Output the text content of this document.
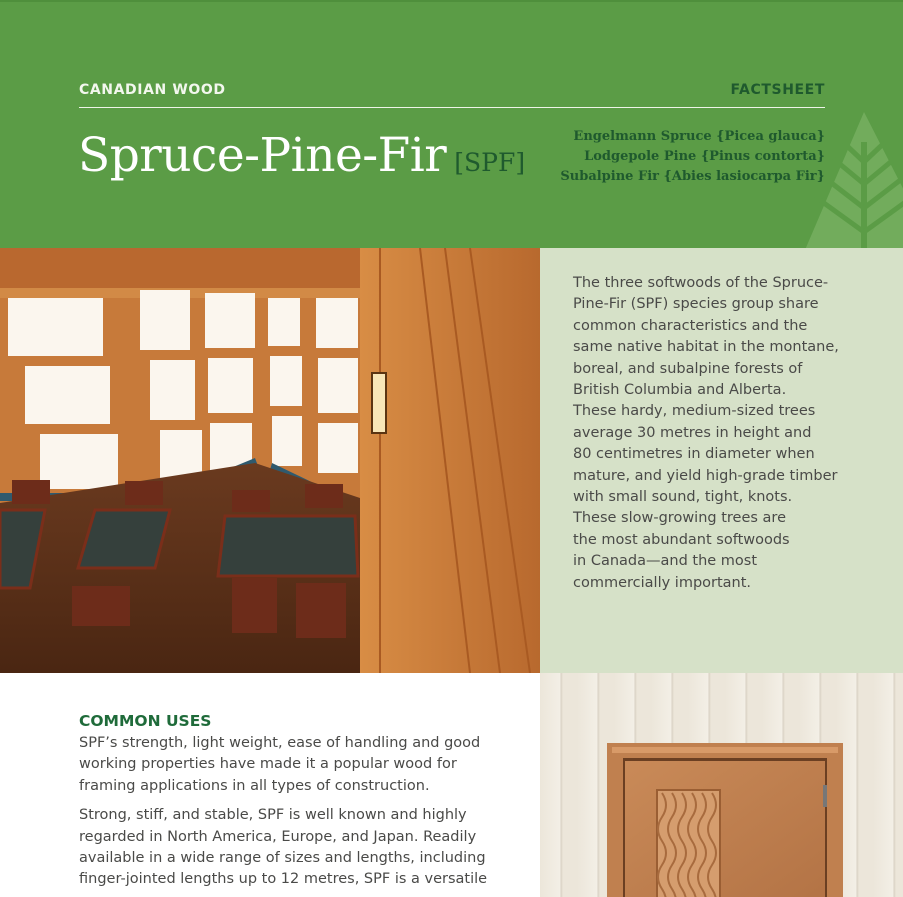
CANADIAN WOOD	FACTSHEET
Spruce-Pine-Fir [SPF]
Engelmann Spruce {Picea glauca}
Lodgepole Pine {Pinus contorta}
Subalpine Fir {Abies lasiocarpa Fir}
The three softwoods of the Spruce-
Pine-Fir (SPF) species group share
common characteristics and the
same native habitat in the montane,
boreal, and subalpine forests of
British Columbia and Alberta.
These hardy, medium-sized trees
average 30 metres in height and
80 centimetres in diameter when
mature, and yield high-grade timber
with small sound, tight, knots.
These slow-growing trees are
the most abundant softwoods
in Canada—and the most
commercially important.
COMMON USES

SPF’s strength, light weight, ease of handling and good
working properties have made it a popular wood for
framing applications in all types of construction.

Strong, stiff, and stable, SPF is well known and highly
regarded in North America, Europe, and Japan. Readily
available in a wide range of sizes and lengths, including
finger-jointed lengths up to 12 metres, SPF is a versatile
